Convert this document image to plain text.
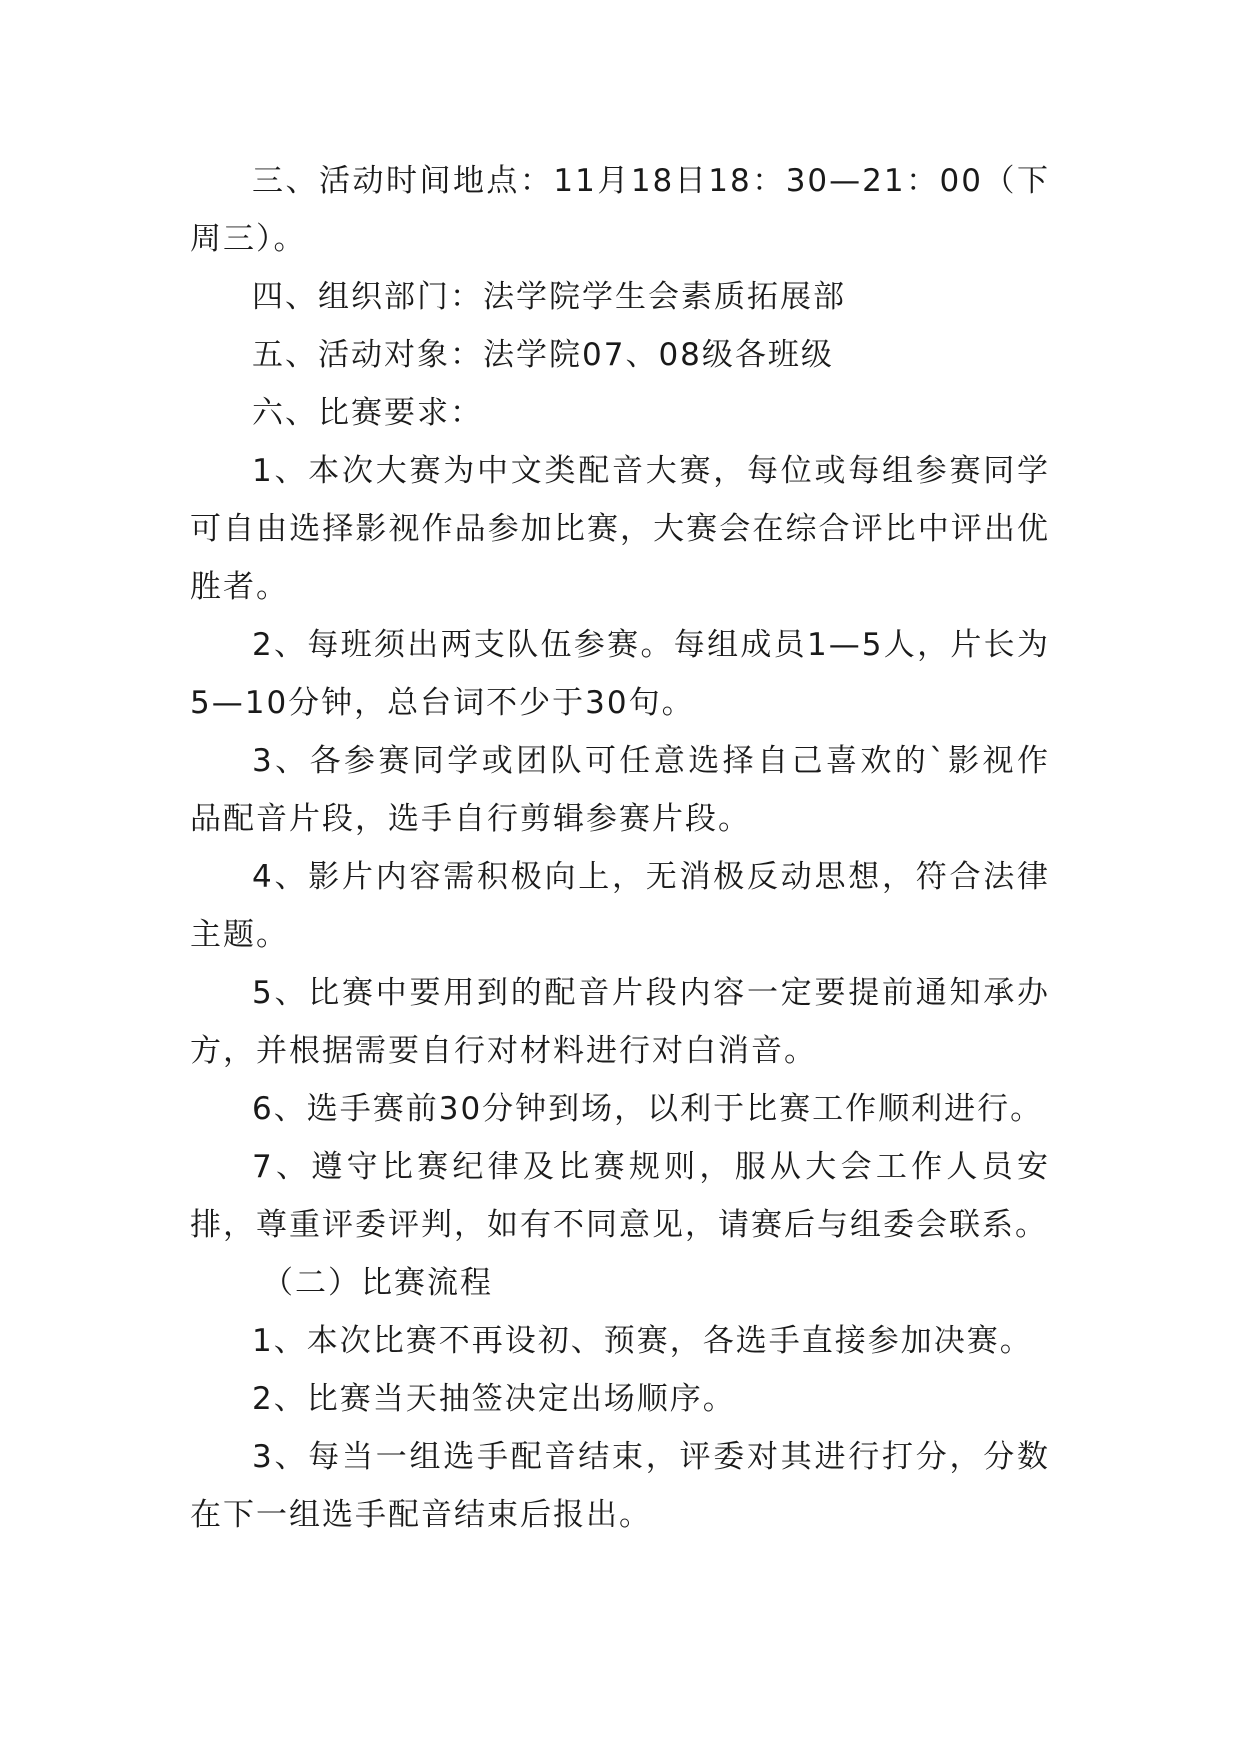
三、活动时间地点：11月18日18：30—21：00（下周三）。

四、组织部门：法学院学生会素质拓展部

五、活动对象：法学院07、08级各班级

六、比赛要求：

1、本次大赛为中文类配音大赛，每位或每组参赛同学可自由选择影视作品参加比赛，大赛会在综合评比中评出优胜者。

2、每班须出两支队伍参赛。每组成员1—5人，片长为5—10分钟，总台词不少于30句。

3、各参赛同学或团队可任意选择自己喜欢的`影视作品配音片段，选手自行剪辑参赛片段。

4、影片内容需积极向上，无消极反动思想，符合法律主题。

5、比赛中要用到的配音片段内容一定要提前通知承办方，并根据需要自行对材料进行对白消音。

6、选手赛前30分钟到场，以利于比赛工作顺利进行。

7、遵守比赛纪律及比赛规则，服从大会工作人员安排，尊重评委评判，如有不同意见，请赛后与组委会联系。

（二）比赛流程

1、本次比赛不再设初、预赛，各选手直接参加决赛。

2、比赛当天抽签决定出场顺序。

3、每当一组选手配音结束，评委对其进行打分，分数在下一组选手配音结束后报出。
